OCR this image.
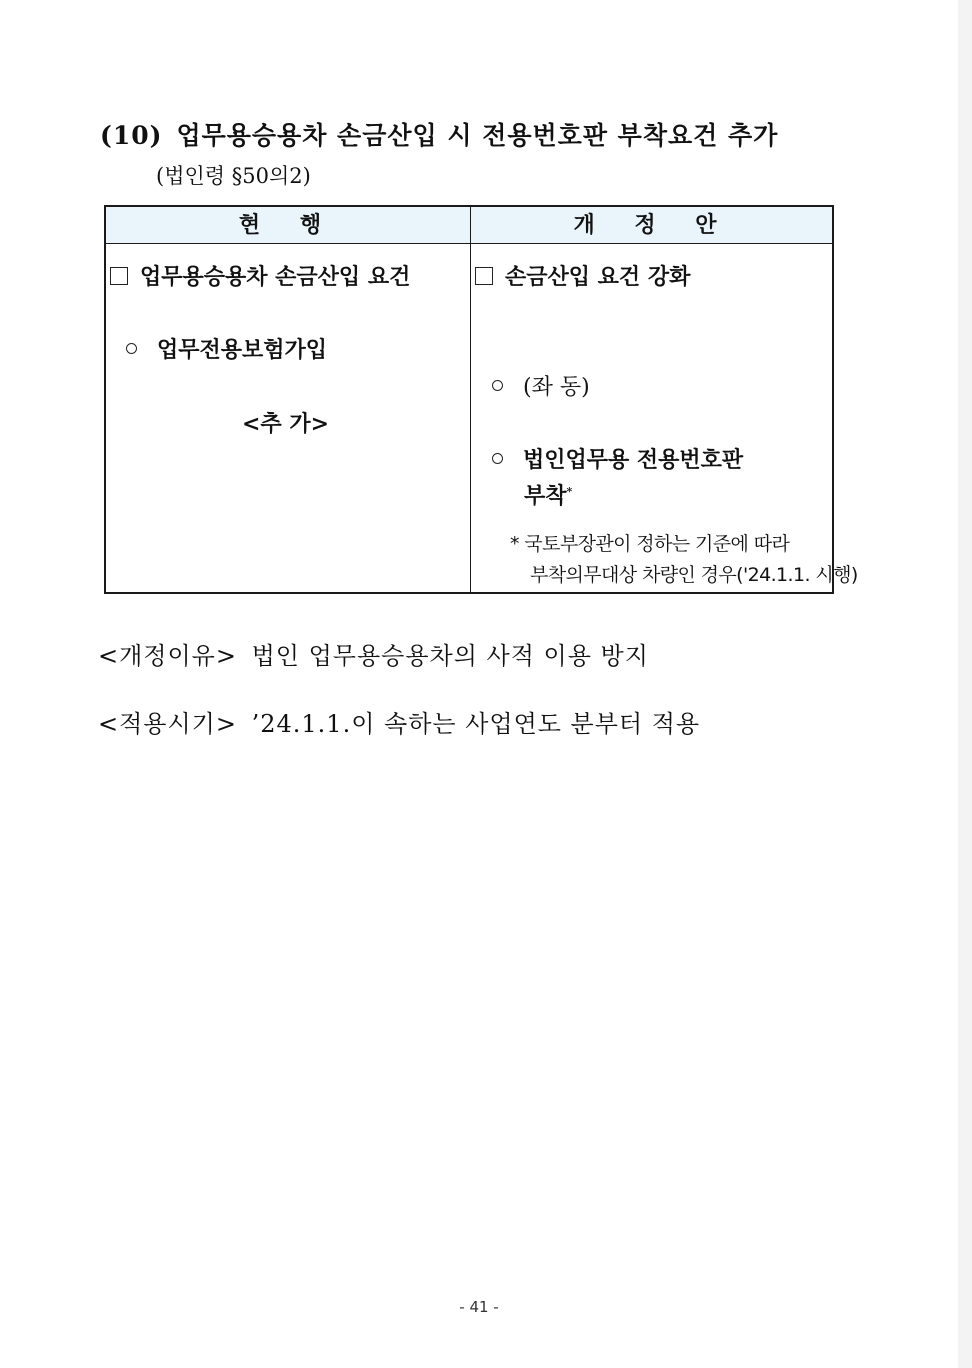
(10) 업무용승용차 손금산입 시 전용번호판 부착요건 추가
(법인령 §50의2)
현 행	개 정 안
업무용승용차 손금산입 요건
업무전용보험가입
<추 가>
손금산입 요건 강화
(좌 동)
법인업무용 전용번호판
부착*
* 국토부장관이 정하는 기준에 따라
부착의무대상 차량인 경우('24.1.1. 시행)
<개정이유> 법인 업무용승용차의 사적 이용 방지
<적용시기> ’24.1.1.이 속하는 사업연도 분부터 적용
- 41 -
